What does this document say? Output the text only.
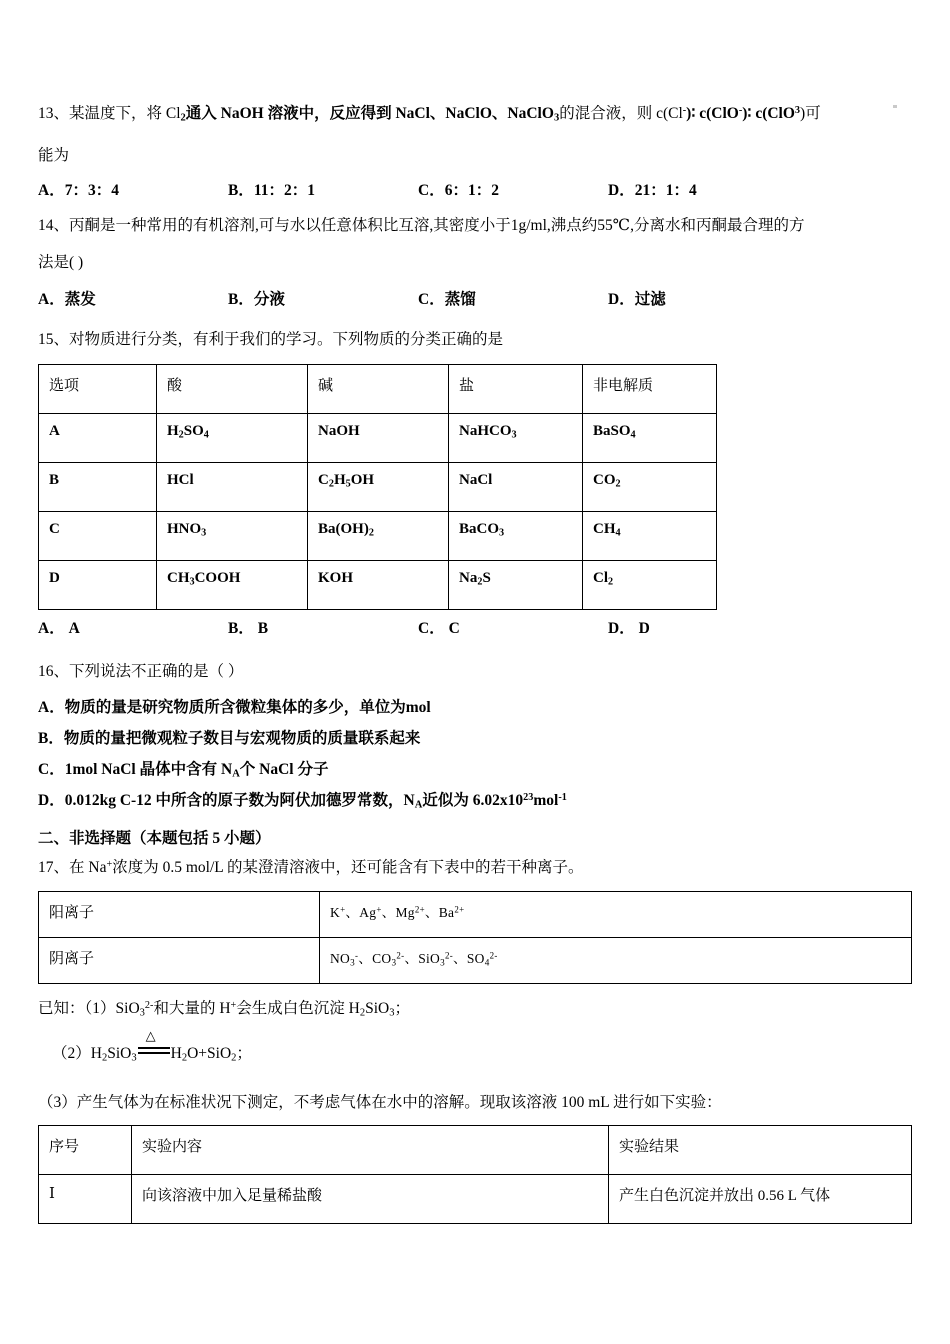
13、某温度下，将 $Cl_2$通入 NaOH 溶液中，反应得到 NaCl、NaClO、NaClO$_3$的混合液，则 c(Cl-)∶ c(ClO-)∶ c(ClO$^3$)可
能为
A．7：3：4	B．11：2：1	C．6：1：2	D．21：1：4
14、丙酮是一种常用的有机溶剂,可与水以任意体积比互溶,其密度小于1g/ml,沸点约55℃,分离水和丙酮最合理的方
法是( )
A．蒸发	B．分液	C．蒸馏	D．过滤
15、对物质进行分类，有利于我们的学习。下列物质的分类正确的是
选项	酸	碱	盐	非电解质
A	$H_2SO_4$	NaOH	NaHCO$_3$	BaSO$_4$
B	HCl	$C_2H_5OH$	NaCl	$CO_2$
C	$HNO_3$	$Ba(OH)_2$	BaCO$_3$	$CH_4$
D	$CH_3COOH$	KOH	$Na_2S$	$Cl_2$
A． A	B． B	C． C	D． D
16、下列说法不正确的是（ ）
A．物质的量是研究物质所含微粒集体的多少，单位为mol
B．物质的量把微观粒子数目与宏观物质的质量联系起来
C．1mol NaCl 晶体中含有 $N_A$个 NaCl 分子
D．0.012kg C-12 中所含的原子数为阿伏加德罗常数，$N_A$近似为 $6.02x10^{23}mol^{-1}$
二、非选择题（本题包括 5 小题）
17、在 Na+浓度为 0.5 mol/L 的某澄清溶液中，还可能含有下表中的若干种离子。
阳离子	K+、Ag+、$Mg^{2+}$、$Ba^{2+}$
阴离子	$NO_3^-$、$CO_3^{2-}$、SiO$_3^{2-}$、$SO_4^{2-}$
已知：（1）SiO$_3^{2-}$和大量的 H+会生成白色沉淀 $H_2SiO_3$；
$(2)H_2SiO_3$
△
$H_2O+SiO_2$；
（3）产生气体为在标准状况下测定，不考虑气体在水中的溶解。现取该溶液 100 mL 进行如下实验：
序号	实验内容	实验结果
Ⅰ	向该溶液中加入足量稀盐酸	产生白色沉淀并放出 0.56 L 气体
